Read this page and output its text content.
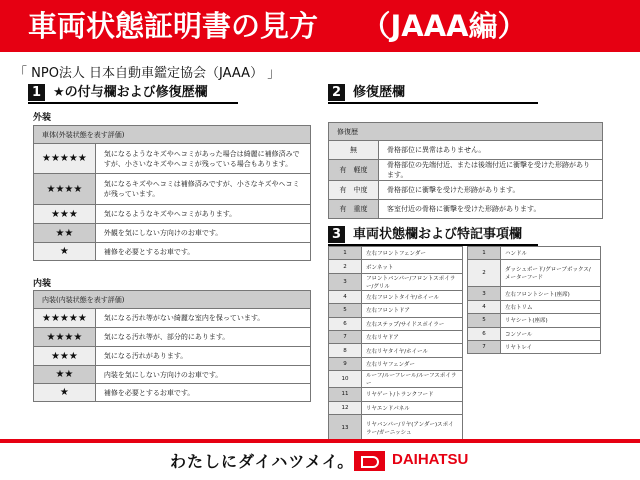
車両状態証明書の見方　　（JAAA編）
「 NPO法人 日本自動車鑑定協会（JAAA） 」
1 ★の付与欄および修復歴欄
外装
車体(外装状態を表す評価)	
★★★★★	気になるようなキズやヘコミがあった場合は綺麗に補修済みですが、小さいなキズやヘコミが残っている場合もあります。
★★★★	気になるキズやヘコミは補修済みですが、小さなキズやヘコミが残っています。
★★★	気になるようなキズやヘコミがあります。
★★	外観を気にしない方向けのお車です。
★	補修を必要とするお車です。
内装
内装(内装状態を表す評価)	
★★★★★	気になる汚れ等がない綺麗な室内を保っています。
★★★★	気になる汚れ等が、部分的にあります。
★★★	気になる汚れがあります。
★★	内装を気にしない方向けのお車です。
★	補修を必要とするお車です。
2 修復歴欄
修復歴	
無	骨格部位に異常はありません。
有　軽度	骨格部位の先端付近、または後端付近に衝撃を受けた形跡があります。
有　中度	骨格部位に衝撃を受けた形跡があります。
有　重度	客室付近の骨格に衝撃を受けた形跡があります。
3 車両状態欄および特記事項欄
1	左右フロントフェンダー
2	ボンネット
3	フロントバンパー/フロントスポイラー/グリル
4	左右フロントタイヤ/ホイール
5	左右フロントドア
6	左右ステップ/サイドスポイラー
7	左右リヤドア
8	左右リヤタイヤ/ホイール
9	左右リヤフェンダー
10	ルーフ/ルーフレール/ルーフスポイラー
11	リヤゲート/トランクフード
12	リヤエンドパネル
13	リヤバンパー/リヤ(アンダー)スポイラー/ガーニッシュ
1	ハンドル
2	ダッシュボード/グローブボックス/メーターフード
3	左右フロントシート(座席)
4	左右トリム
5	リヤシート(座席)
6	コンソール
7	リヤトレイ
わたしにダイハツメイ。	DAIHATSU
